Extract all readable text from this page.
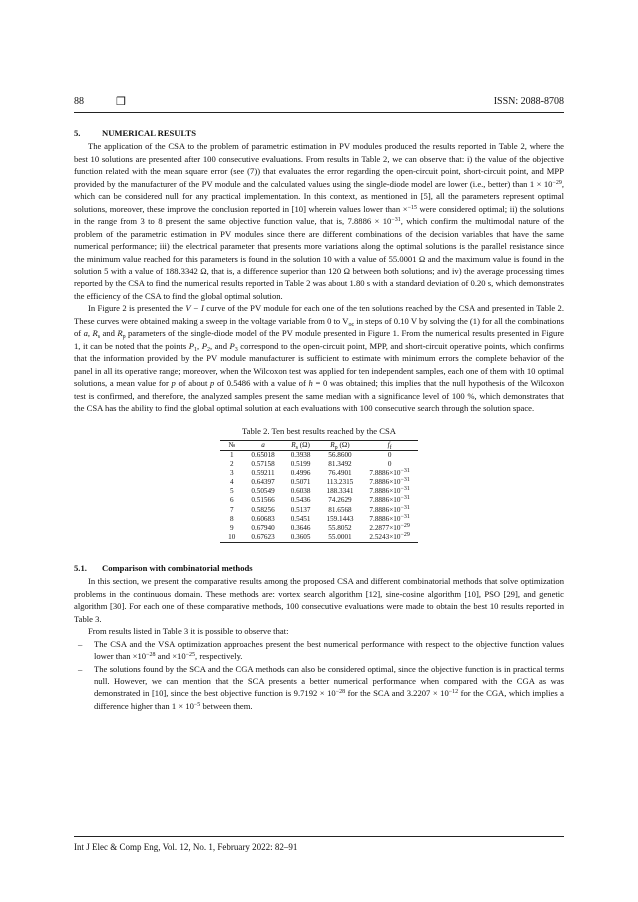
88	❒	ISSN: 2088-8708
5.	NUMERICAL RESULTS

The application of the CSA to the problem of parametric estimation in PV modules produced the results reported in Table 2, where the best 10 solutions are presented after 100 consecutive evaluations. From results in Table 2, we can observe that: i) the value of the objective function related with the mean square error (see (7)) that evaluates the error regarding the open-circuit point, short-circuit point, and MPP provided by the manufacturer of the PV module and the calculated values using the single-diode model are lower (i.e., better) than $1 \times 10^{-29}$, which can be considered null for any practical implementation. In this context, as mentioned in [5], all the parameters represent optimal solutions, moreover, these improve the conclusion reported in [10] wherein values lower than ×$^{-15}$ were considered optimal; ii) the solutions in the range from 3 to 8 present the same objective function value, that is, $7.8886 \times 10^{-31}$, which confirm the multimodal nature of the problem of the parametric estimation in PV modules since there are different combinations of the decision variables that have the same numerical performance; iii) the electrical parameter that presents more variations along the optimal solutions is the parallel resistance since the minimum value reached for this parameters is found in the solution 10 with a value of 55.0001 Ω and the maximum value is found in the solution 5 with a value of 188.3342 Ω, that is, a difference superior than 120 Ω between both solutions; and iv) the average processing times reported by the CSA to find the numerical results reported in Table 2 was about 1.80 s with a standard deviation of 0.20 s, which demonstrates the efficiency of the CSA to find the global optimal solution.

In Figure 2 is presented the V − I curve of the PV module for each one of the ten solutions reached by the CSA and presented in Table 2. These curves were obtained making a sweep in the voltage variable from 0 to $V_{oc}$ in steps of 0.10 V by solving the (1) for all the combinations of a, $R_s$ and $R_p$ parameters of the single-diode model of the PV module presented in Figure 1. From the numerical results presented in Figure 1, it can be noted that the points $P_1$, $P_2$, and $P_3$ correspond to the open-circuit point, MPP, and short-circuit operative points, which confirms that the information provided by the PV module manufacturer is sufficient to estimate with minimum errors the complete behavior of the panel in all its operative range; moreover, when the Wilcoxon test was applied for ten independent samples, each one of them with 10 optimal solutions, a mean value for p of about p of 0.5486 with a value of h = 0 was obtained; this implies that the null hypothesis of the Wilcoxon test is confirmed, and therefore, the analyzed samples present the same median with a significance level of 100 %, which demonstrates that the CSA has the ability to find the global optimal solution at each evaluations with 100 consecutive search through the solution space.

Table 2. Ten best results reached by the CSA
№	a	$R_s$ (Ω)	$R_p$ (Ω)	$f_f$
1	0.65018	0.3938	56.8600	0
2	0.57158	0.5199	81.3492	0
3	0.59211	0.4996	76.4901	$7.8886\times 10^{-31}$
4	0.64397	0.5071	113.2315	$7.8886\times 10^{-31}$
5	0.50549	0.6038	188.3341	$7.8886\times 10^{-31}$
6	0.51566	0.5436	74.2629	$7.8886\times 10^{-31}$
7	0.58256	0.5137	81.6568	$7.8886\times 10^{-31}$
8	0.60683	0.5451	159.1443	$7.8886\times 10^{-31}$
9	0.67940	0.3646	55.8052	$2.2877\times 10^{-29}$
10	0.67623	0.3605	55.0001	$2.5243\times 10^{-29}$
5.1. Comparison with combinatorial methods

In this section, we present the comparative results among the proposed CSA and different combinatorial methods that solve optimization problems in the continuous domain. These methods are: vortex search algorithm [12], sine-cosine algorithm [10], PSO [29], and genetic algorithm [30]. For each one of these comparative methods, 100 consecutive evaluations were made to obtain the best 10 results reported in Table 3.

From results listed in Table 3 it is possible to observe that:

– The CSA and the VSA optimization approaches present the best numerical performance with respect to the objective function values lower than $\times 10^{-28}$ and $\times 10^{-25}$, respectively.
– The solutions found by the SCA and the CGA methods can also be considered optimal, since the objective function is in practical terms null. However, we can mention that the SCA presents a better numerical performance when compared with the CGA as was demonstrated in [10], since the best objective function is $9.7192 \times 10^{-28}$ for the SCA and $3.2207 \times 10^{-12}$ for the CGA, which implies a difference higher than $1 \times 10^{-5}$ between them.
Int J Elec & Comp Eng, Vol. 12, No. 1, February 2022: 82–91
